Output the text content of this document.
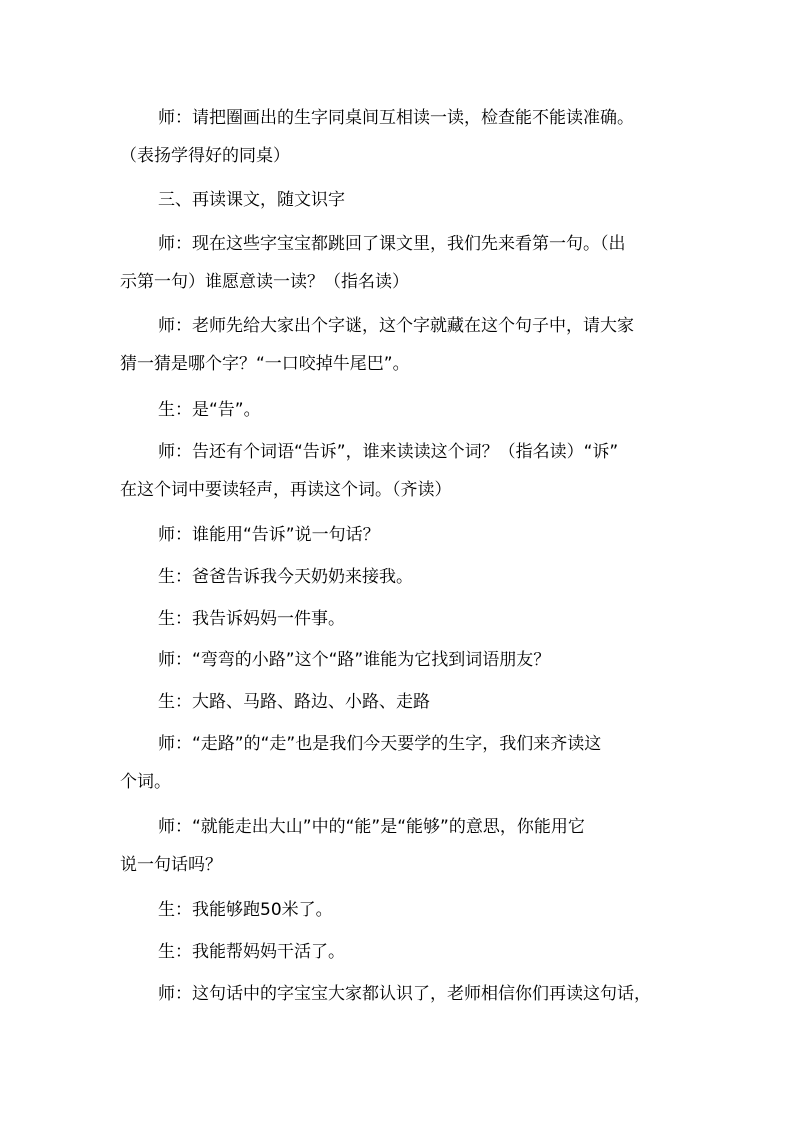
师：请把圈画出的生字同桌间互相读一读，检查能不能读准确。
（表扬学得好的同桌）
三、再读课文，随文识字
师：现在这些字宝宝都跳回了课文里，我们先来看第一句。（出
示第一句）谁愿意读一读？（指名读）
师：老师先给大家出个字谜，这个字就藏在这个句子中，请大家
猜一猜是哪个字？“一口咬掉牛尾巴”。
生：是“告”。
师：告还有个词语“告诉”，谁来读读这个词？（指名读）“诉”
在这个词中要读轻声，再读这个词。（齐读）
师：谁能用“告诉”说一句话？
生：爸爸告诉我今天奶奶来接我。
生：我告诉妈妈一件事。
师：“弯弯的小路”这个“路”谁能为它找到词语朋友？
生：大路、马路、路边、小路、走路
师：“走路”的“走”也是我们今天要学的生字，我们来齐读这
个词。
师：“就能走出大山”中的“能”是“能够”的意思，你能用它
说一句话吗？
生：我能够跑50米了。
生：我能帮妈妈干活了。
师：这句话中的字宝宝大家都认识了，老师相信你们再读这句话，
